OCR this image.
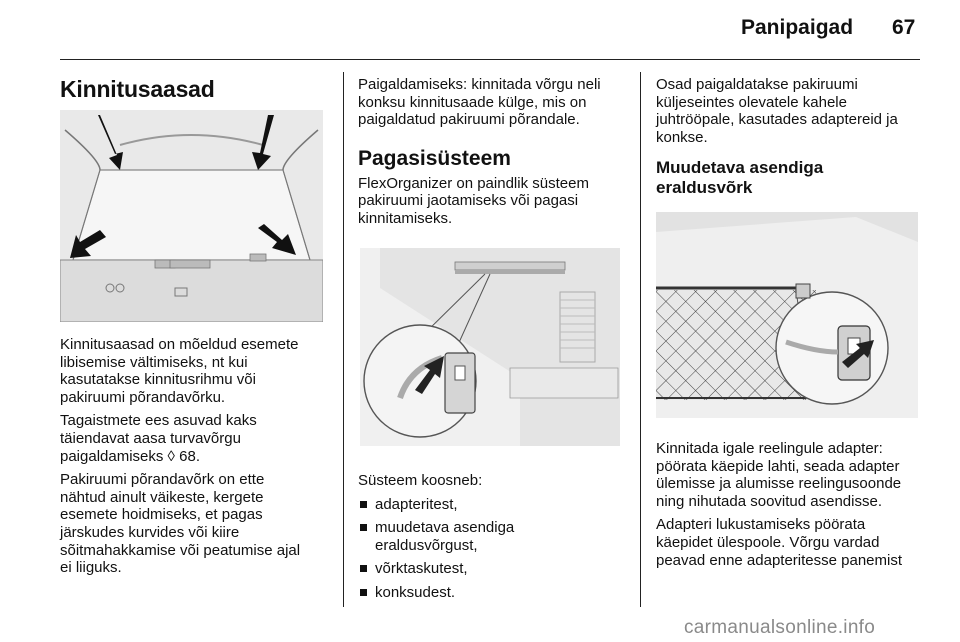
Panipaigad 67
Kinnitusaasad

Kinnitusaasad on mõeldud esemete
libisemise vältimiseks, nt kui
kasutatakse kinnitusrihmu või
pakiruumi põrandavõrku.

Tagaistmete ees asuvad kaks
täiendavat aasa turvavõrgu
paigaldamiseks ◊ 68.

Pakiruumi põrandavõrk on ette
nähtud ainult väikeste, kergete
esemete hoidmiseks, et pagas
järskudes kurvides või kiire
sõitmahakkamise või peatumise ajal
ei liiguks.

Paigaldamiseks: kinnitada võrgu neli
konksu kinnitusaade külge, mis on
paigaldatud pakiruumi põrandale.

Pagasisüsteem

FlexOrganizer on paindlik süsteem
pakiruumi jaotamiseks või pagasi
kinnitamiseks.

Süsteem koosneb:

adapteritest,
muudetava asendiga
eraldusvõrgust,
võrktaskutest,
konksudest.

Osad paigaldatakse pakiruumi
küljeseintes olevatele kahele
juhtrööpale, kasutades adaptereid ja
konkse.

Muudetava asendiga
eraldusvõrk

Kinnitada igale reelingule adapter:
pöörata käepide lahti, seada adapter
ülemisse ja alumisse reelingusoonde
ning nihutada soovitud asendisse.

Adapteri lukustamiseks pöörata
käepidet ülespoole. Võrgu vardad
peavad enne adapteritesse panemist

carmanualsonline.info
